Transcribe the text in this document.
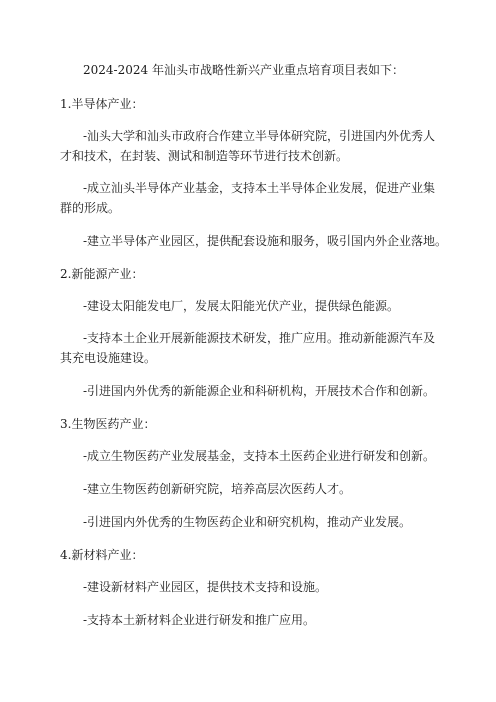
2024-2024 年汕头市战略性新兴产业重点培育项目表如下：
1.半导体产业：
-汕头大学和汕头市政府合作建立半导体研究院，引进国内外优秀人
才和技术，在封装、测试和制造等环节进行技术创新。
-成立汕头半导体产业基金，支持本土半导体企业发展，促进产业集
群的形成。
-建立半导体产业园区，提供配套设施和服务，吸引国内外企业落地。
2.新能源产业：
-建设太阳能发电厂，发展太阳能光伏产业，提供绿色能源。
-支持本土企业开展新能源技术研发，推广应用。推动新能源汽车及
其充电设施建设。
-引进国内外优秀的新能源企业和科研机构，开展技术合作和创新。
3.生物医药产业：
-成立生物医药产业发展基金，支持本土医药企业进行研发和创新。
-建立生物医药创新研究院，培养高层次医药人才。
-引进国内外优秀的生物医药企业和研究机构，推动产业发展。
4.新材料产业：
-建设新材料产业园区，提供技术支持和设施。
-支持本土新材料企业进行研发和推广应用。
